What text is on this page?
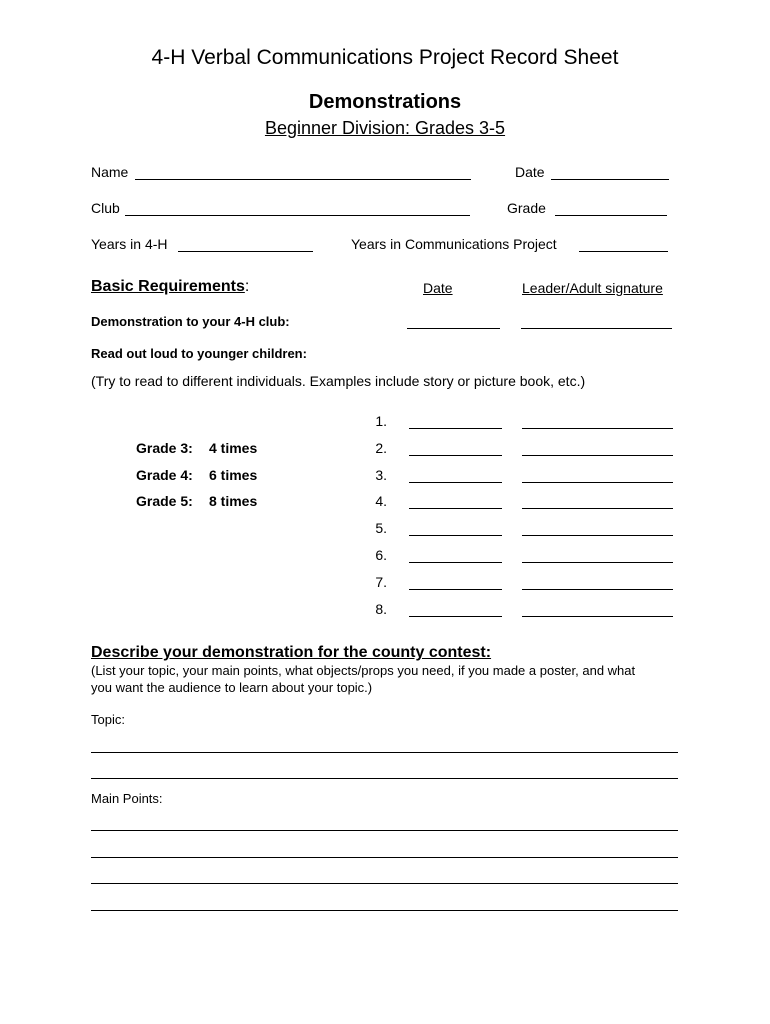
4-H Verbal Communications Project Record Sheet
Demonstrations
Beginner Division: Grades 3-5
Name	Date
Club	Grade
Years in 4-H	Years in Communications Project
Basic Requirements:	Date	Leader/Adult signature
Demonstration to your 4-H club:
Read out loud to younger children:
(Try to read to different individuals. Examples include story or picture book, etc.)
Grade 3: 4 times
Grade 4: 6 times
Grade 5: 8 times
1.
2.
3.
4.
5.
6.
7.
8.
Describe your demonstration for the county contest:
(List your topic, your main points, what objects/props you need, if you made a poster, and what
you want the audience to learn about your topic.)
Topic:
Main Points:
